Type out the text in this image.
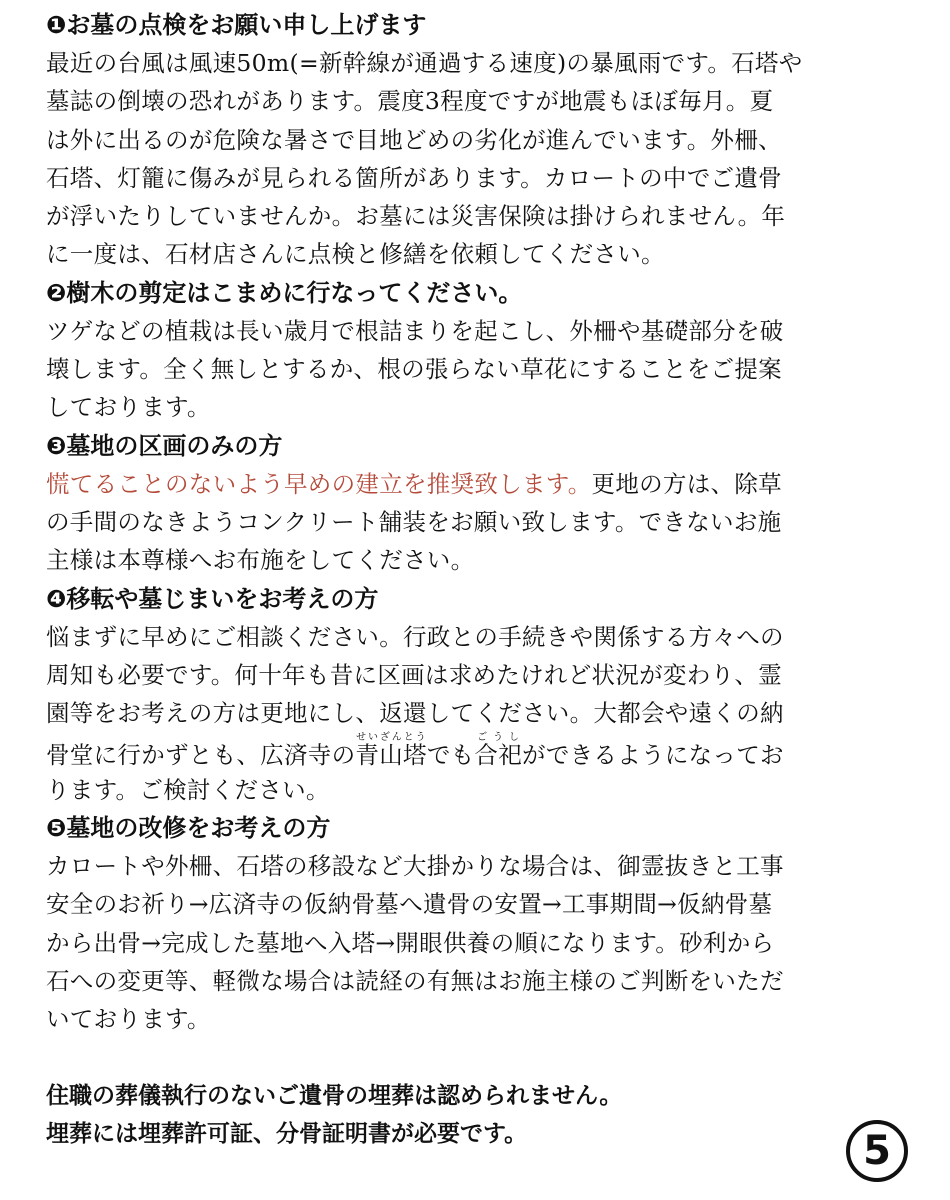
❶お墓の点検をお願い申し上げます

最近の台風は風速50m(=新幹線が通過する速度)の暴風雨です。石塔や
墓誌の倒壊の恐れがあります。震度3程度ですが地震もほぼ毎月。夏
は外に出るのが危険な暑さで目地どめの劣化が進んでいます。外柵、
石塔、灯籠に傷みが見られる箇所があります。カロートの中でご遺骨
が浮いたりしていませんか。お墓には災害保険は掛けられません。年
に一度は、石材店さんに点検と修繕を依頼してください。

❷樹木の剪定はこまめに行なってください。

ツゲなどの植栽は長い歳月で根詰まりを起こし、外柵や基礎部分を破
壊します。全く無しとするか、根の張らない草花にすることをご提案
しております。

❸墓地の区画のみの方

慌てることのないよう早めの建立を推奨致します。更地の方は、除草
の手間のなきようコンクリート舗装をお願い致します。できないお施
主様は本尊様へお布施をしてください。

❹移転や墓じまいをお考えの方

悩まずに早めにご相談ください。行政との手続きや関係する方々への
周知も必要です。何十年も昔に区画は求めたけれど状況が変わり、霊
園等をお考えの方は更地にし、返還してください。大都会や遠くの納
骨堂に行かずとも、広済寺の青山塔せいざんとうでも合祀ごうしができるようになってお
ります。ご検討ください。

❺墓地の改修をお考えの方

カロートや外柵、石塔の移設など大掛かりな場合は、御霊抜きと工事
安全のお祈り→広済寺の仮納骨墓へ遺骨の安置→工事期間→仮納骨墓
から出骨→完成した墓地へ入塔→開眼供養の順になります。砂利から
石への変更等、軽微な場合は読経の有無はお施主様のご判断をいただ
いております。

住職の葬儀執行のないご遺骨の埋葬は認められません。

埋葬には埋葬許可証、分骨証明書が必要です。	5
